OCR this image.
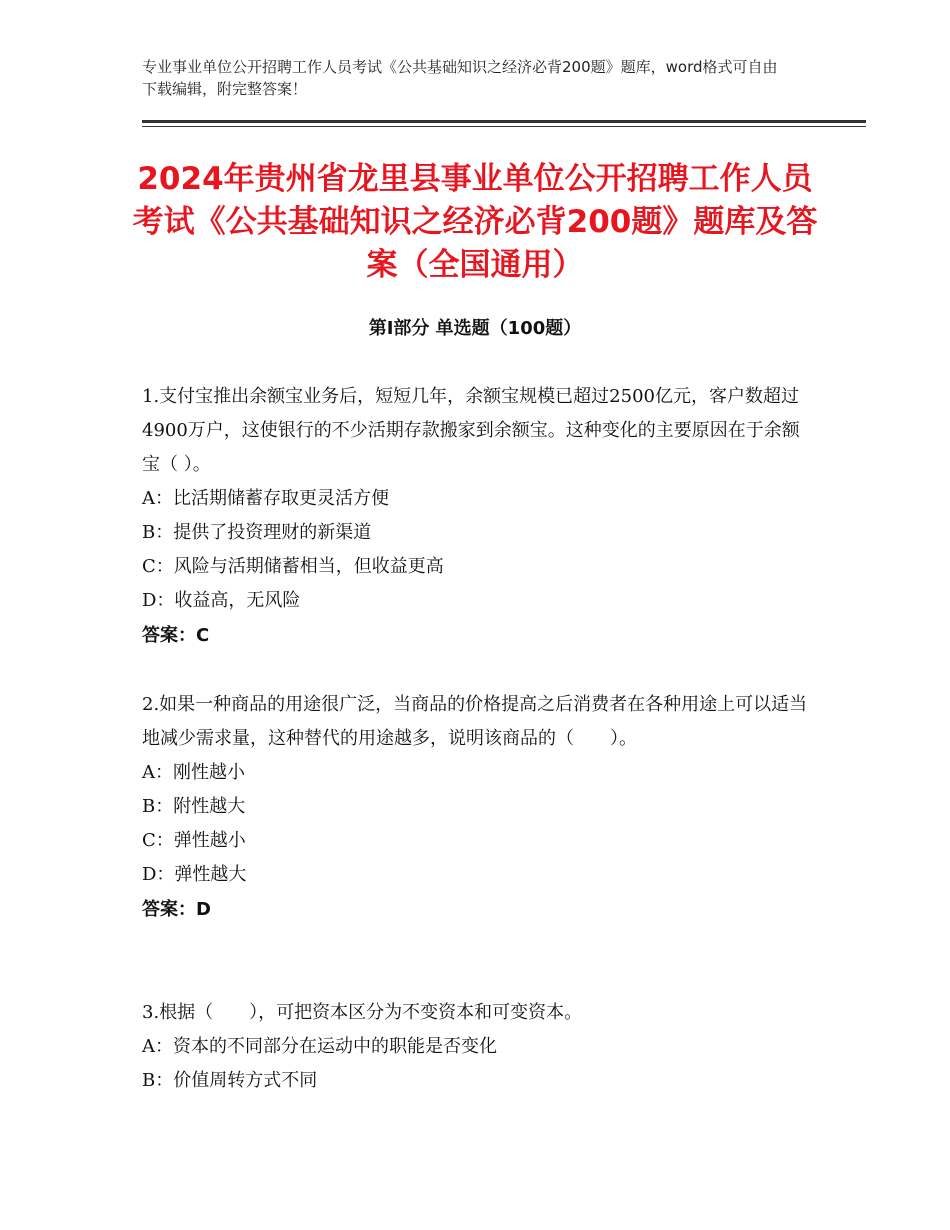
专业事业单位公开招聘工作人员考试《公共基础知识之经济必背200题》题库，word格式可自由下载编辑，附完整答案！
2024年贵州省龙里县事业单位公开招聘工作人员考试《公共基础知识之经济必背200题》题库及答案（全国通用）
第Ⅰ部分 单选题（100题）

1.支付宝推出余额宝业务后，短短几年，余额宝规模已超过2500亿元，客户数超过4900万户，这使银行的不少活期存款搬家到余额宝。这种变化的主要原因在于余额宝（ ）。

A：比活期储蓄存取更灵活方便

B：提供了投资理财的新渠道

C：风险与活期储蓄相当，但收益更高

D：收益高，无风险

答案：C

2.如果一种商品的用途很广泛，当商品的价格提高之后消费者在各种用途上可以适当地减少需求量，这种替代的用途越多，说明该商品的（　　）。

A：刚性越小

B：附性越大

C：弹性越小

D：弹性越大

答案：D

3.根据（　　），可把资本区分为不变资本和可变资本。

A：资本的不同部分在运动中的职能是否变化

B：价值周转方式不同
